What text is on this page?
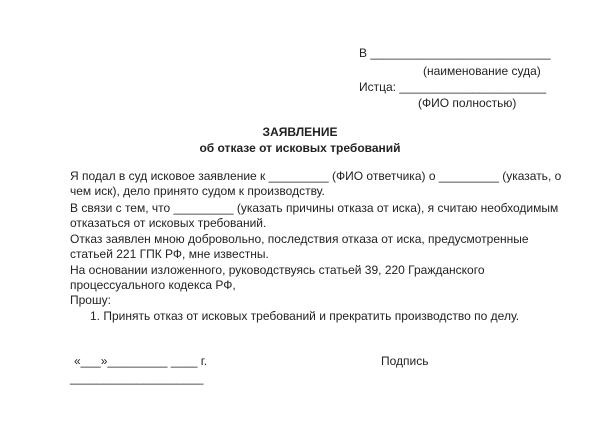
В ___________________________
(наименование суда)
Истца: ______________________
(ФИО полностью)
ЗАЯВЛЕНИЕ
об отказе от исковых требований
Я подал в суд исковое заявление к _________ (ФИО ответчика) о _________ (указать, о
чем иск), дело принято судом к производству.
В связи с тем, что _________ (указать причины отказа от иска), я считаю необходимым
отказаться от исковых требований.
Отказ заявлен мною добровольно, последствия отказа от иска, предусмотренные
статьей 221 ГПК РФ, мне известны.
На основании изложенного, руководствуясь статьей 39, 220 Гражданского
процессуального кодекса РФ,
Прошу:
1. Принять отказ от исковых требований и прекратить производство по делу.
«___»_________ ____ г.	Подпись
____________________
